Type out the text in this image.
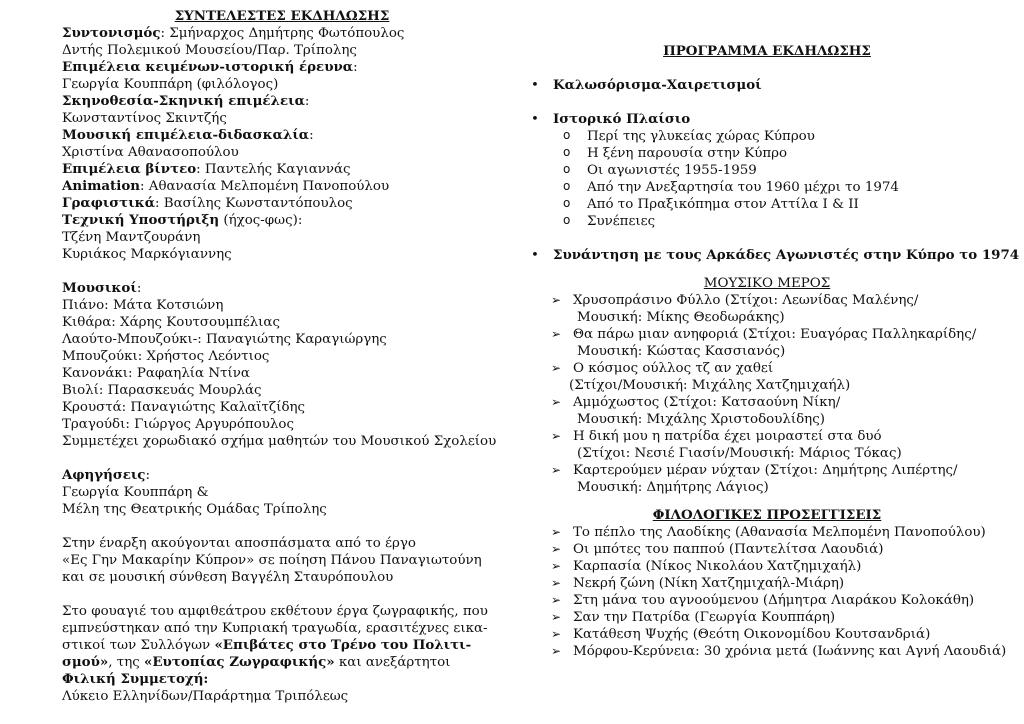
ΣΥΝΤΕΛΕΣΤΕΣ ΕΚΔΗΛΩΣΗΣ
Συντονισμός: Σμήναρχος Δημήτρης Φωτόπουλος
Δντής Πολεμικού Μουσείου/Παρ. Τρίπολης
Επιμέλεια κειμένων-ιστορική έρευνα:
Γεωργία Κουππάρη (φιλόλογος)
Σκηνοθεσία-Σκηνική επιμέλεια:
Κωνσταντίνος Σκιντζής
Μουσική επιμέλεια-διδασκαλία:
Χριστίνα Αθανασοπούλου
Επιμέλεια βίντεο: Παντελής Καγιαννάς
Animation: Αθανασία Μελπομένη Πανοπούλου
Γραφιστικά: Βασίλης Κωνσταντόπουλος
Τεχνική Υποστήριξη (ήχος-φως):
Τζένη Μαντζουράνη
Κυριάκος Μαρκόγιαννης
Μουσικοί:
Πιάνο: Μάτα Κοτσιώνη
Κιθάρα: Χάρης Κουτσουμπέλιας
Λαούτο-Μπουζούκι-: Παναγιώτης Καραγιώργης
Μπουζούκι: Χρήστος Λεόντιος
Κανονάκι: Ραφαηλία Ντίνα
Βιολί: Παρασκευάς Μουρλάς
Κρουστά: Παναγιώτης Καλαϊτζίδης
Τραγούδι: Γιώργος Αργυρόπουλος
Συμμετέχει χορωδιακό σχήμα μαθητών του Μουσικού Σχολείου
Αφηγήσεις:
Γεωργία Κουππάρη &
Μέλη της Θεατρικής Ομάδας Τρίπολης
Στην έναρξη ακούγονται αποσπάσματα από το έργο
«Ες Γην Μακαρίην Κύπρον» σε ποίηση Πάνου Παναγιωτούνη
και σε μουσική σύνθεση Βαγγέλη Σταυρόπουλου
Στο φουαγιέ του αμφιθεάτρου εκθέτουν έργα ζωγραφικής, που
εμπνεύστηκαν από την Κυπριακή τραγωδία, ερασιτέχνες εικα-
στικοί των Συλλόγων «Επιβάτες στο Τρένο του Πολιτι-
σμού», της «Ευτοπίας Ζωγραφικής» και ανεξάρτητοι
Φιλική Συμμετοχή:
Λύκειο Ελληνίδων/Παράρτημα Τριπόλεως
ΠΡΟΓΡΑΜΜΑ ΕΚΔΗΛΩΣΗΣ
• Καλωσόρισμα-Χαιρετισμοί
• Ιστορικό Πλαίσιο
o Περί της γλυκείας χώρας Κύπρου
o Η ξένη παρουσία στην Κύπρο
o Οι αγωνιστές 1955-1959
o Από την Ανεξαρτησία του 1960 μέχρι το 1974
o Από το Πραξικόπημα στον Αττίλα Ι & ΙΙ
o Συνέπειες
• Συνάντηση με τους Αρκάδες Αγωνιστές στην Κύπρο το 1974
ΜΟΥΣΙΚΟ ΜΕΡΟΣ
➢ Χρυσοπράσινο Φύλλο (Στίχοι: Λεωνίδας Μαλένης/
Μουσική: Μίκης Θεοδωράκης)
➢ Θα πάρω μιαν ανηφοριά (Στίχοι: Ευαγόρας Παλληκαρίδης/
Μουσική: Κώστας Κασσιανός)
➢ Ο κόσμος ούλλος τζ αν χαθεί
(Στίχοι/Μουσική: Μιχάλης Χατζημιχαήλ)
➢ Αμμόχωστος (Στίχοι: Κατσαούνη Νίκη/
Μουσική: Μιχάλης Χριστοδουλίδης)
➢ Η δική μου η πατρίδα έχει μοιραστεί στα δυό
(Στίχοι: Νεσιέ Γιασίν/Μουσική: Μάριος Τόκας)
➢ Καρτερούμεν μέραν νύχταν (Στίχοι: Δημήτρης Λιπέρτης/
Μουσική: Δημήτρης Λάγιος)
ΦΙΛΟΛΟΓΙΚΕΣ ΠΡΟΣΕΓΓΙΣΕΙΣ
➢ Το πέπλο της Λαοδίκης (Αθανασία Μελπομένη Πανοπούλου)
➢ Οι μπότες του παππού (Παντελίτσα Λαουδιά)
➢ Καρπασία (Νίκος Νικολάου Χατζημιχαήλ)
➢ Νεκρή ζώνη (Νίκη Χατζημιχαήλ-Μιάρη)
➢ Στη μάνα του αγνοούμενου (Δήμητρα Λιαράκου Κολοκάθη)
➢ Σαν την Πατρίδα (Γεωργία Κουππάρη)
➢ Κατάθεση Ψυχής (Θεότη Οικονομίδου Κουτσανδριά)
➢ Μόρφου-Κερύνεια: 30 χρόνια μετά (Ιωάννης και Αγνή Λαουδιά)
